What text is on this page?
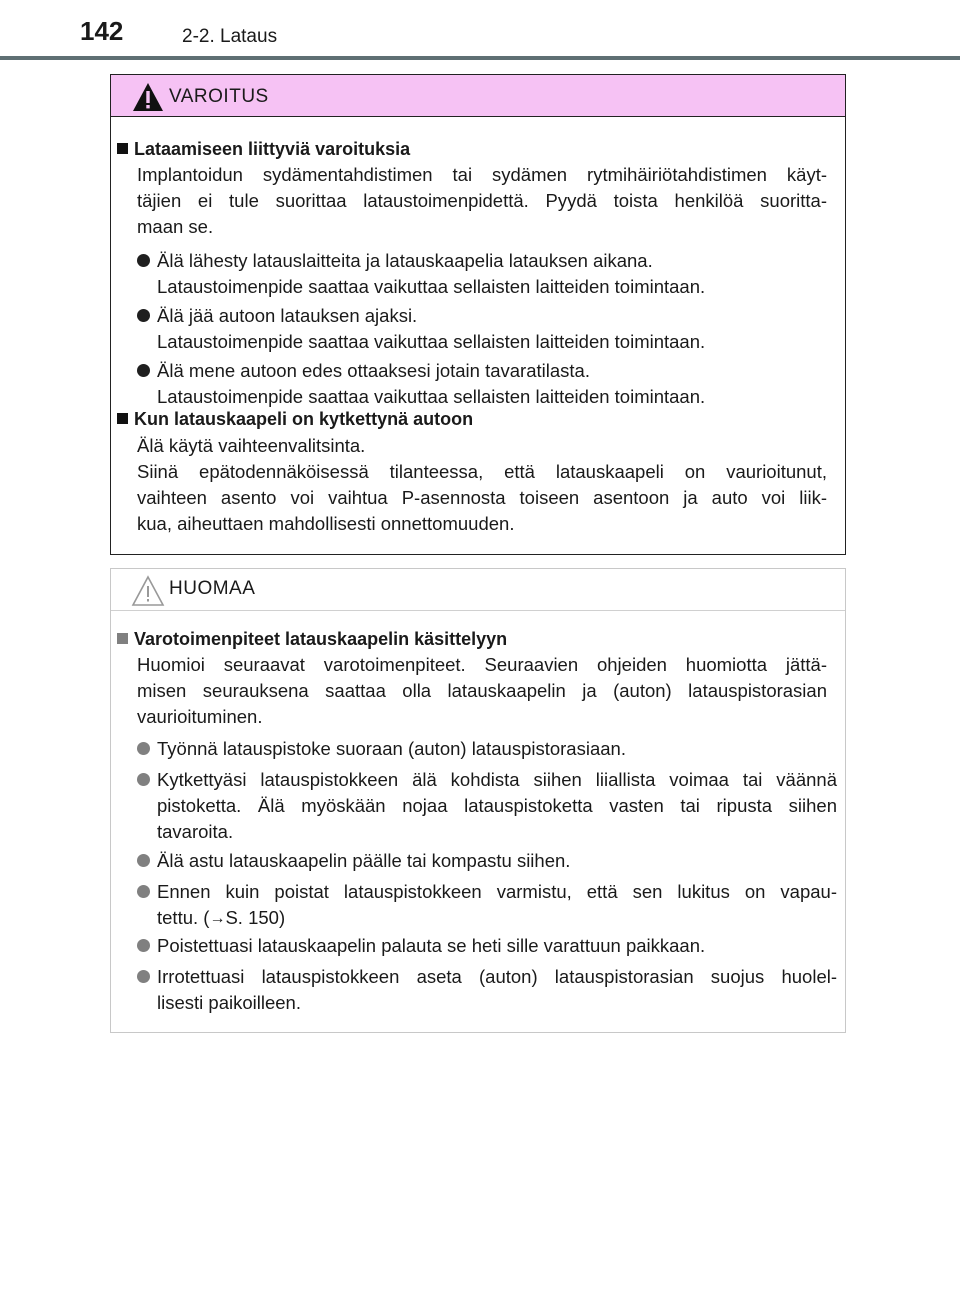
142	2-2. Lataus
VAROITUS
Lataamiseen liittyviä varoituksia
Implantoidun sydämentahdistimen tai sydämen rytmihäiriötahdistimen käyt-
täjien ei tule suorittaa lataustoimenpidettä. Pyydä toista henkilöä suoritta-
maan se.
Älä lähesty latauslaitteita ja latauskaapelia latauksen aikana.
Lataustoimenpide saattaa vaikuttaa sellaisten laitteiden toimintaan.
Älä jää autoon latauksen ajaksi.
Lataustoimenpide saattaa vaikuttaa sellaisten laitteiden toimintaan.
Älä mene autoon edes ottaaksesi jotain tavaratilasta.
Lataustoimenpide saattaa vaikuttaa sellaisten laitteiden toimintaan.
Kun latauskaapeli on kytkettynä autoon
Älä käytä vaihteenvalitsinta.
Siinä epätodennäköisessä tilanteessa, että latauskaapeli on vaurioitunut,
vaihteen asento voi vaihtua P-asennosta toiseen asentoon ja auto voi liik-
kua, aiheuttaen mahdollisesti onnettomuuden.
HUOMAA
Varotoimenpiteet latauskaapelin käsittelyyn
Huomioi seuraavat varotoimenpiteet. Seuraavien ohjeiden huomiotta jättä-
misen seurauksena saattaa olla latauskaapelin ja (auton) latauspistorasian
vaurioituminen.
Työnnä latauspistoke suoraan (auton) latauspistorasiaan.
Kytkettyäsi latauspistokkeen älä kohdista siihen liiallista voimaa tai väännä
pistoketta. Älä myöskään nojaa latauspistoketta vasten tai ripusta siihen
tavaroita.
Älä astu latauskaapelin päälle tai kompastu siihen.
Ennen kuin poistat latauspistokkeen varmistu, että sen lukitus on vapau-
tettu. (→S. 150)
Poistettuasi latauskaapelin palauta se heti sille varattuun paikkaan.
Irrotettuasi latauspistokkeen aseta (auton) latauspistorasian suojus huolel-
lisesti paikoilleen.
